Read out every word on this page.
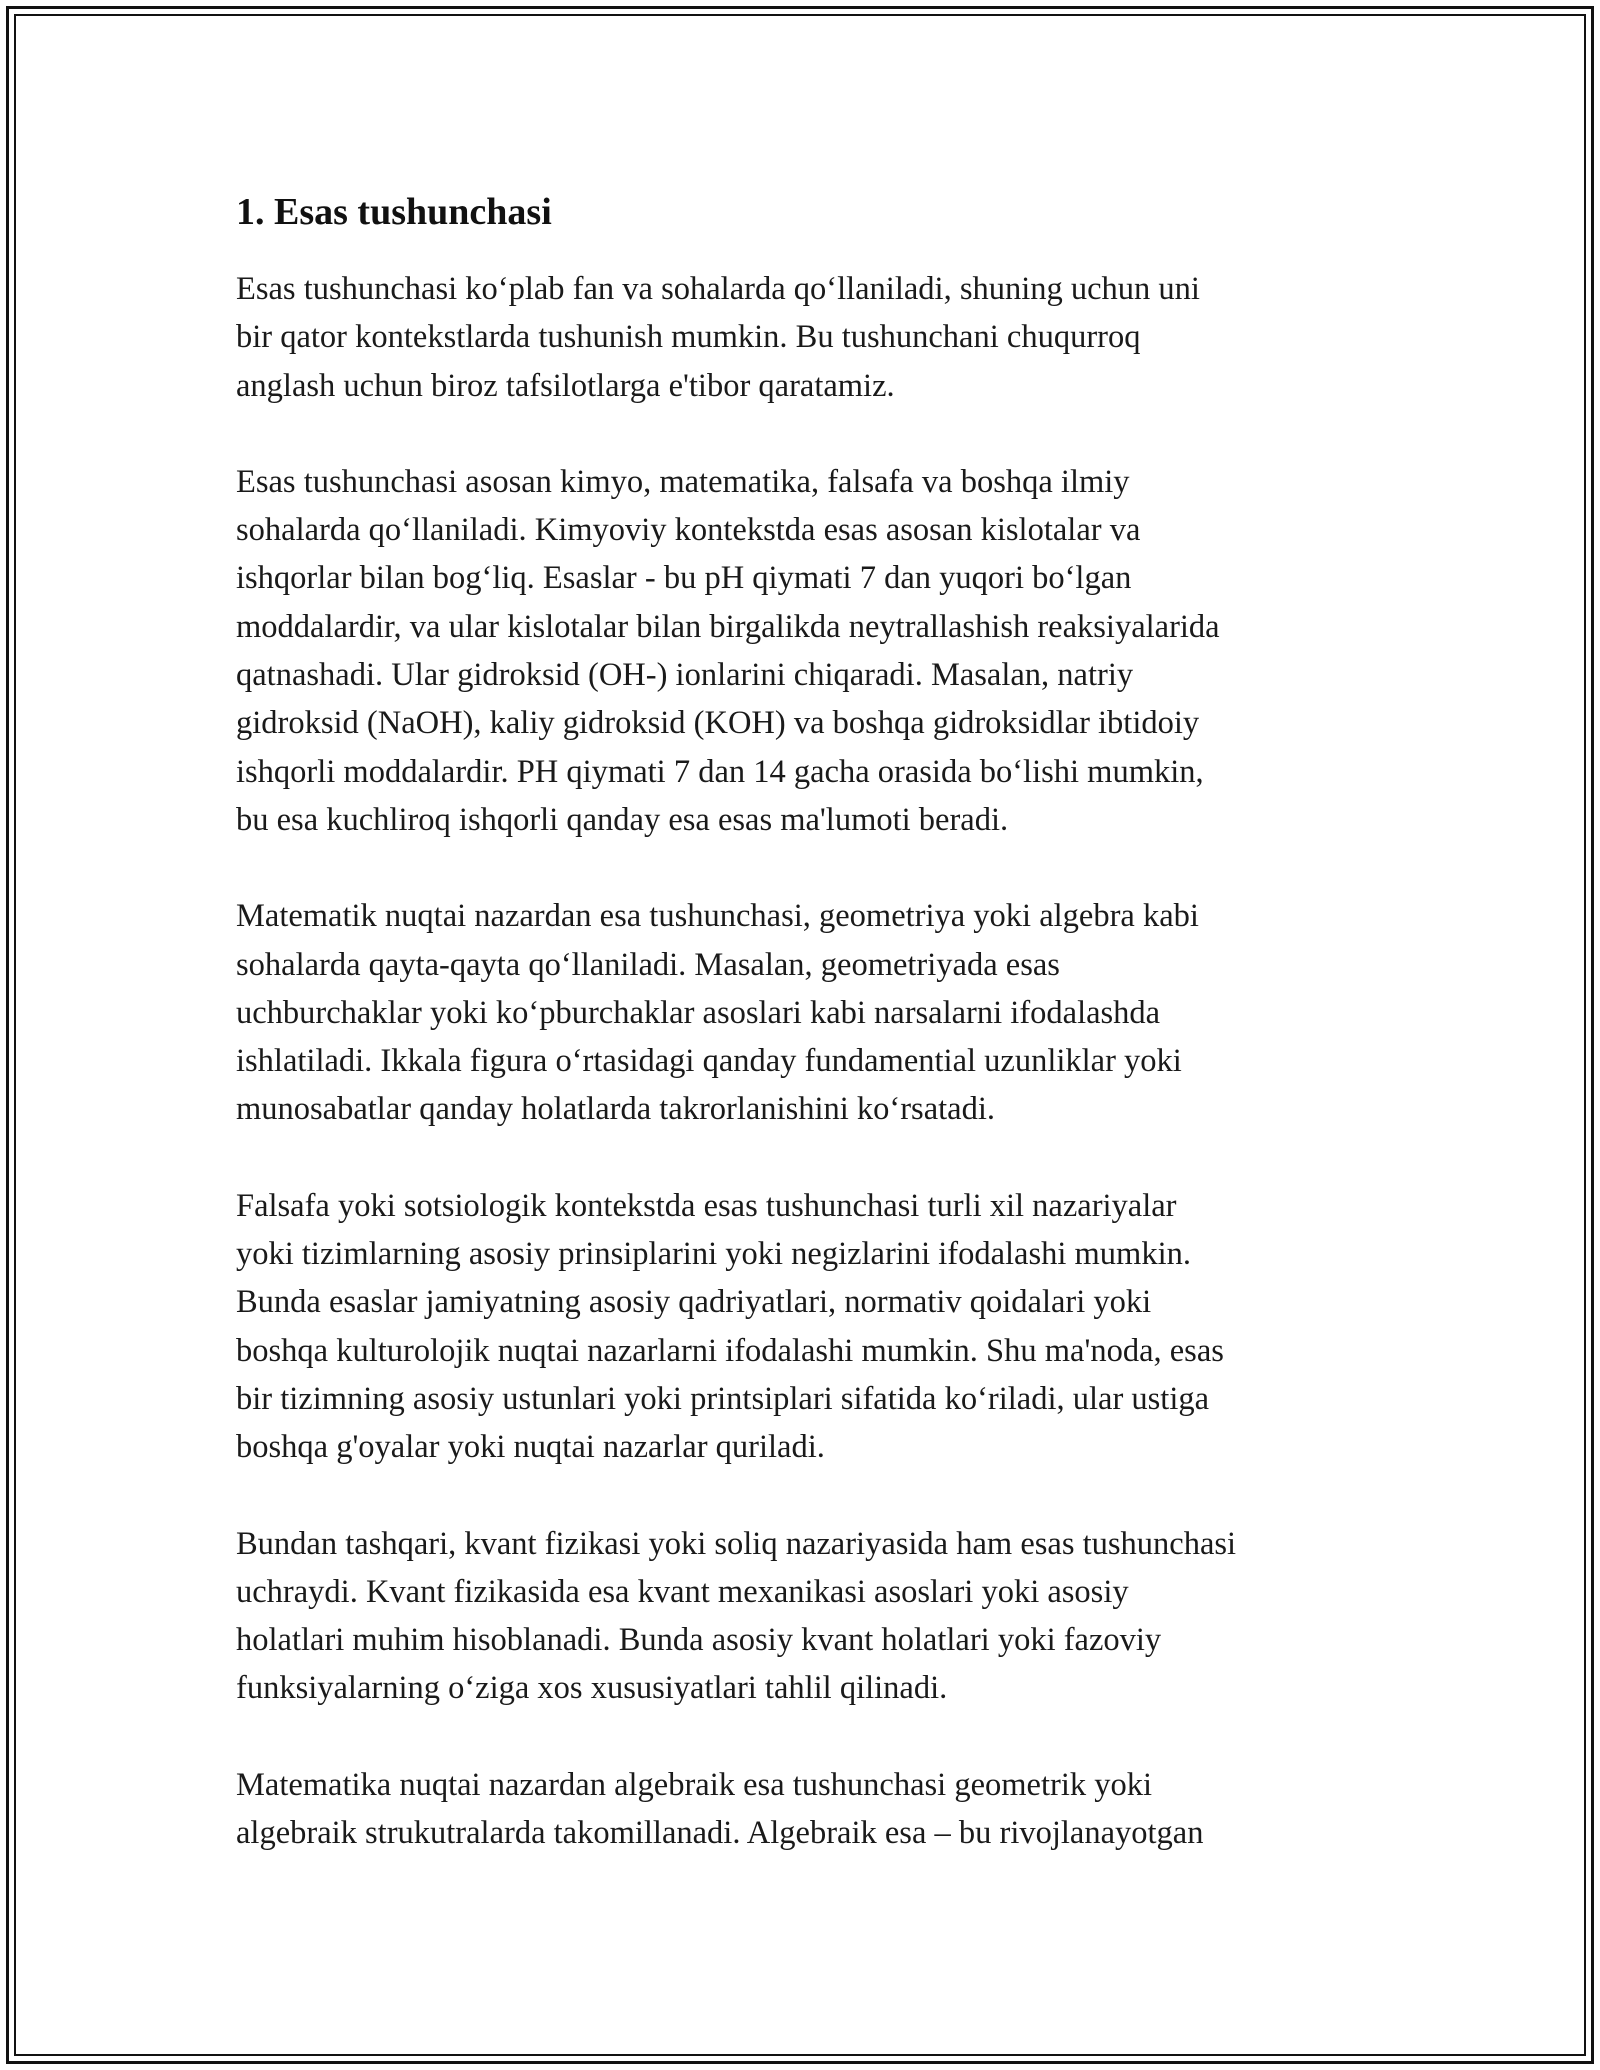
1. Esas tushunchasi

Esas tushunchasi ko‘plab fan va sohalarda qo‘llaniladi, shuning uchun uni
bir qator kontekstlarda tushunish mumkin. Bu tushunchani chuqurroq
anglash uchun biroz tafsilotlarga e'tibor qaratamiz.

Esas tushunchasi asosan kimyo, matematika, falsafa va boshqa ilmiy
sohalarda qo‘llaniladi. Kimyoviy kontekstda esas asosan kislotalar va
ishqorlar bilan bog‘liq. Esaslar - bu pH qiymati 7 dan yuqori bo‘lgan
moddalardir, va ular kislotalar bilan birgalikda neytrallashish reaksiyalarida
qatnashadi. Ular gidroksid (OH-) ionlarini chiqaradi. Masalan, natriy
gidroksid (NaOH), kaliy gidroksid (KOH) va boshqa gidroksidlar ibtidoiy
ishqorli moddalardir. PH qiymati 7 dan 14 gacha orasida bo‘lishi mumkin,
bu esa kuchliroq ishqorli qanday esa esas ma'lumoti beradi.

Matematik nuqtai nazardan esa tushunchasi, geometriya yoki algebra kabi
sohalarda qayta-qayta qo‘llaniladi. Masalan, geometriyada esas
uchburchaklar yoki ko‘pburchaklar asoslari kabi narsalarni ifodalashda
ishlatiladi. Ikkala figura o‘rtasidagi qanday fundamential uzunliklar yoki
munosabatlar qanday holatlarda takrorlanishini ko‘rsatadi.

Falsafa yoki sotsiologik kontekstda esas tushunchasi turli xil nazariyalar
yoki tizimlarning asosiy prinsiplarini yoki negizlarini ifodalashi mumkin.
Bunda esaslar jamiyatning asosiy qadriyatlari, normativ qoidalari yoki
boshqa kulturolojik nuqtai nazarlarni ifodalashi mumkin. Shu ma'noda, esas
bir tizimning asosiy ustunlari yoki printsiplari sifatida ko‘riladi, ular ustiga
boshqa g'oyalar yoki nuqtai nazarlar quriladi.

Bundan tashqari, kvant fizikasi yoki soliq nazariyasida ham esas tushunchasi
uchraydi. Kvant fizikasida esa kvant mexanikasi asoslari yoki asosiy
holatlari muhim hisoblanadi. Bunda asosiy kvant holatlari yoki fazoviy
funksiyalarning o‘ziga xos xususiyatlari tahlil qilinadi.

Matematika nuqtai nazardan algebraik esa tushunchasi geometrik yoki
algebraik strukutralarda takomillanadi. Algebraik esa – bu rivojlanayotgan
